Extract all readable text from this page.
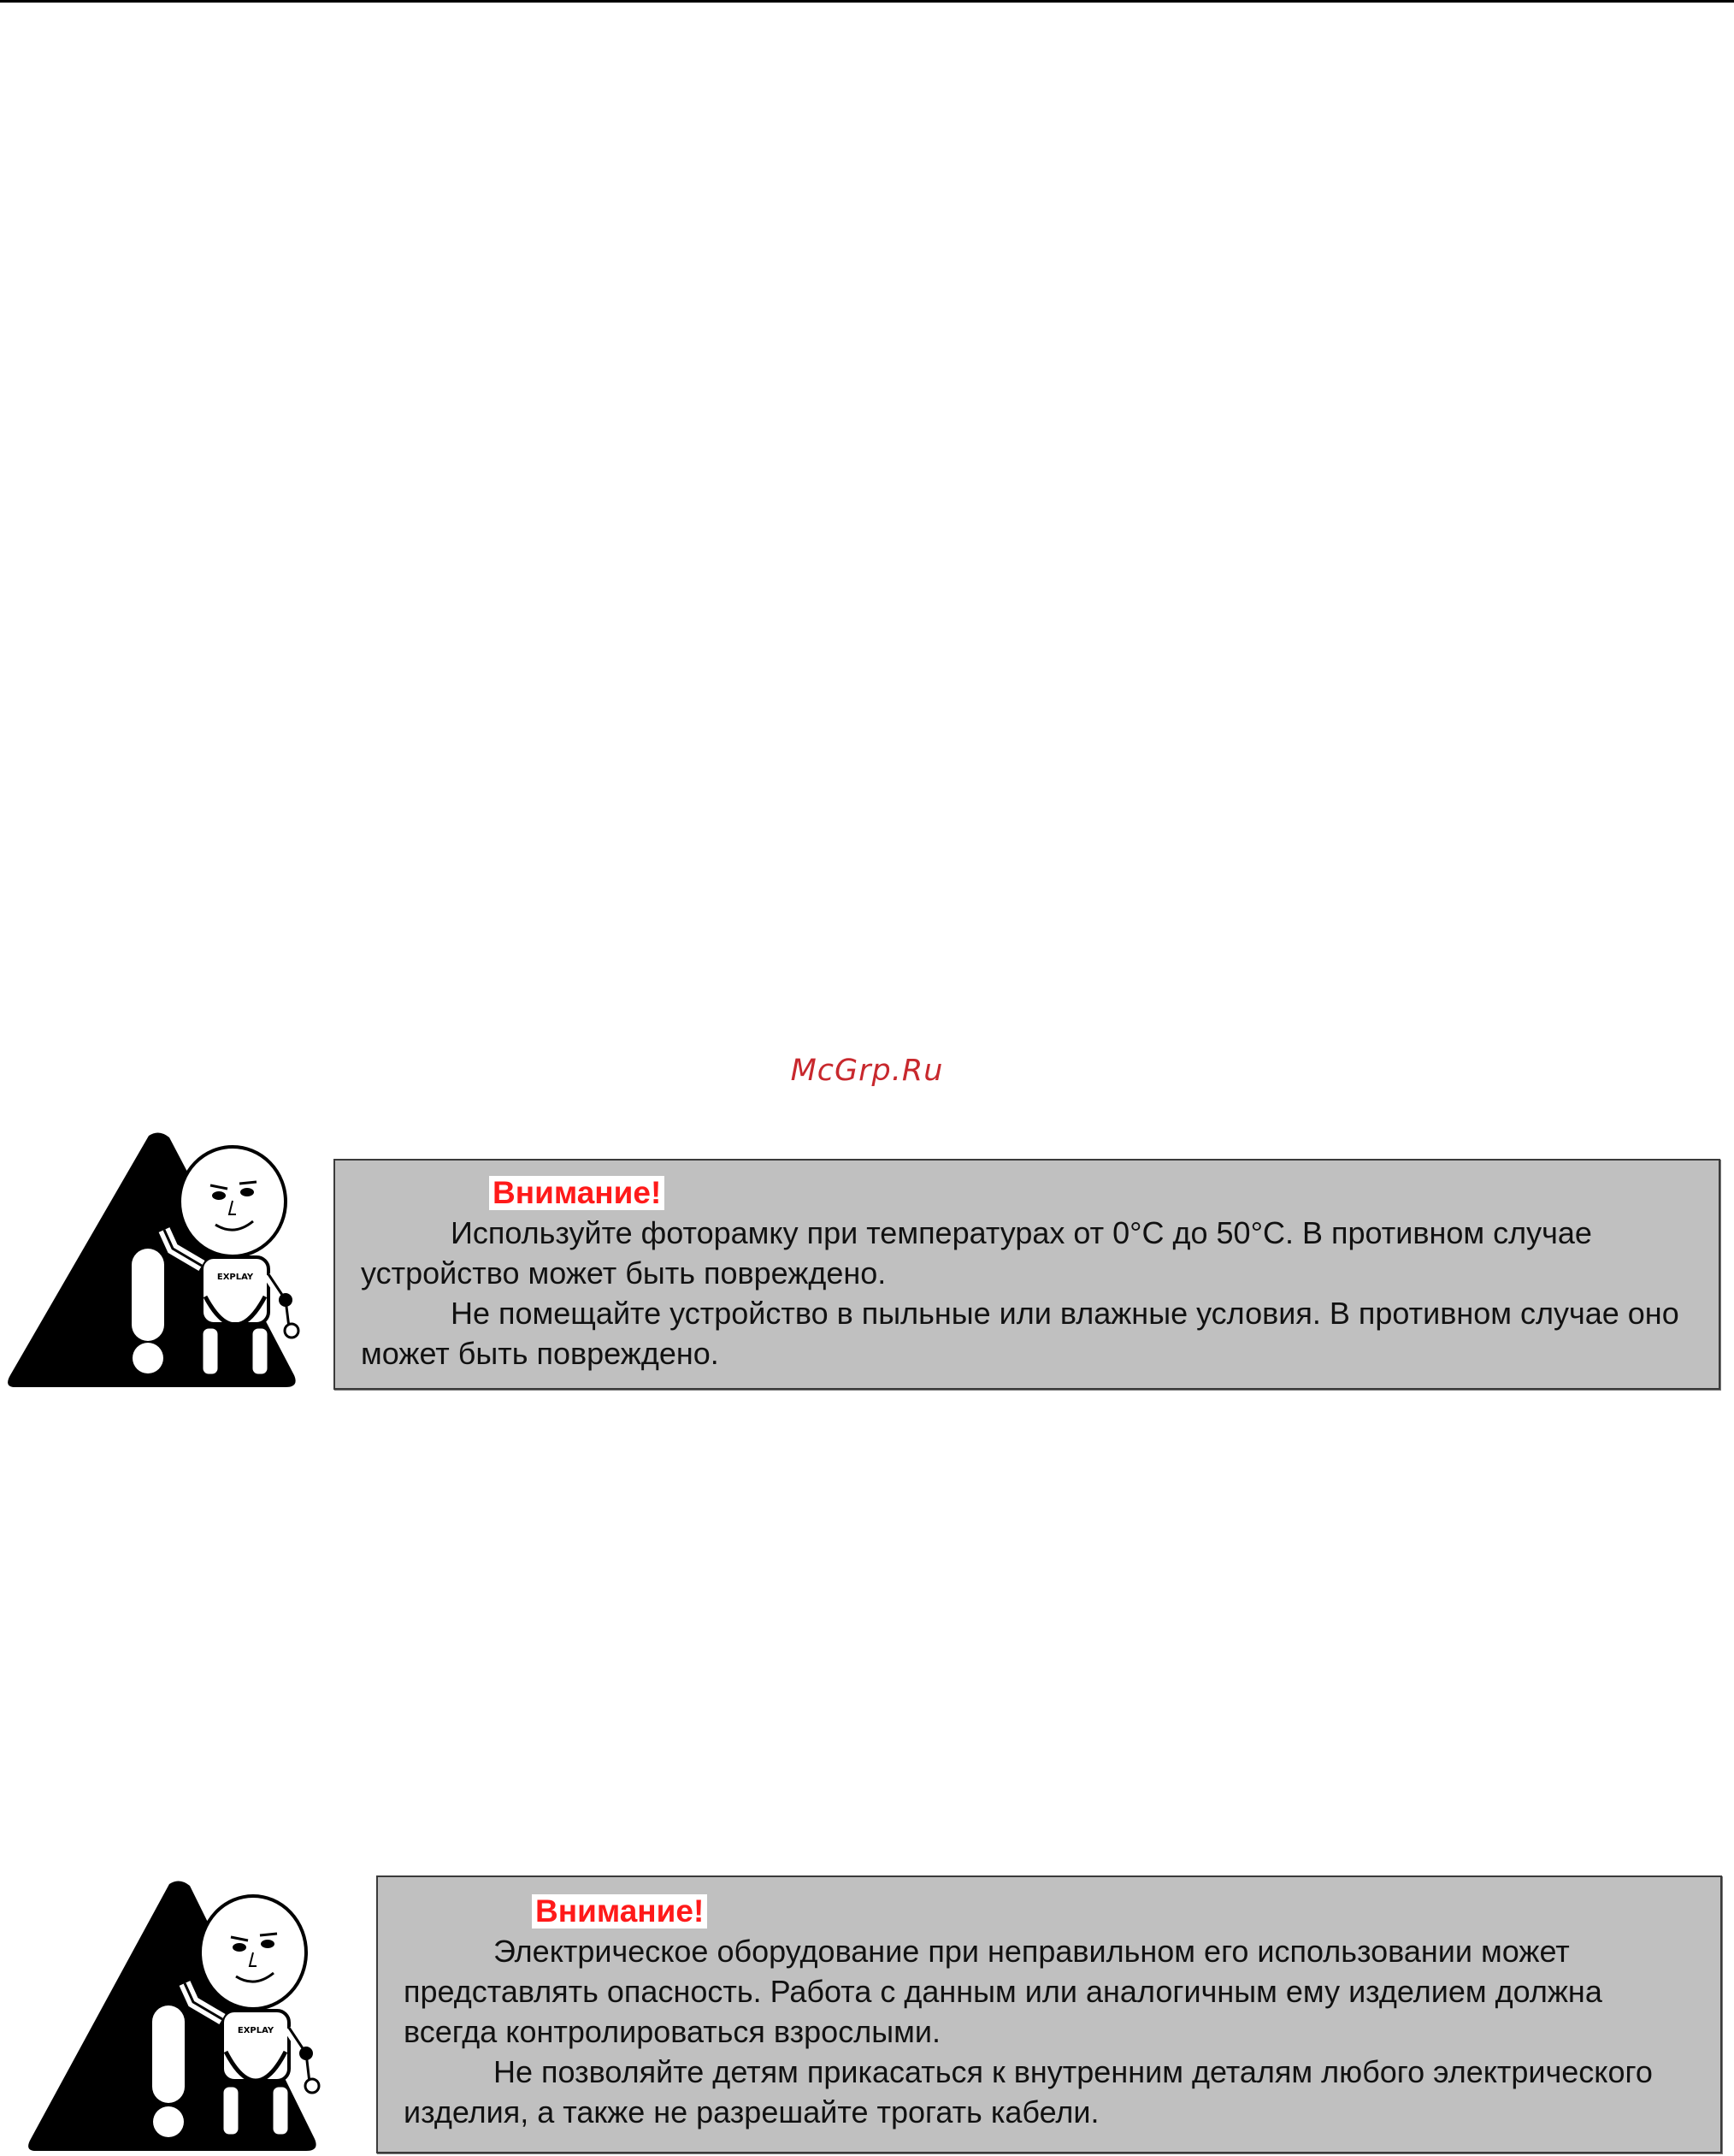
McGrp.Ru
EXPLAY
Внимание!

Используйте фоторамку при температурах от 0°C до 50°C. В противном случае устройство может быть повреждено.

Не помещайте устройство в пыльные или влажные условия. В противном случае оно может быть повреждено.

EXPLAY
Внимание!

Электрическое оборудование при неправильном его использовании может представлять опасность. Работа с данным или аналогичным ему изделием должна всегда контролироваться взрослыми.

Не позволяйте детям прикасаться к внутренним деталям любого электрического изделия, а также не разрешайте трогать кабели.
